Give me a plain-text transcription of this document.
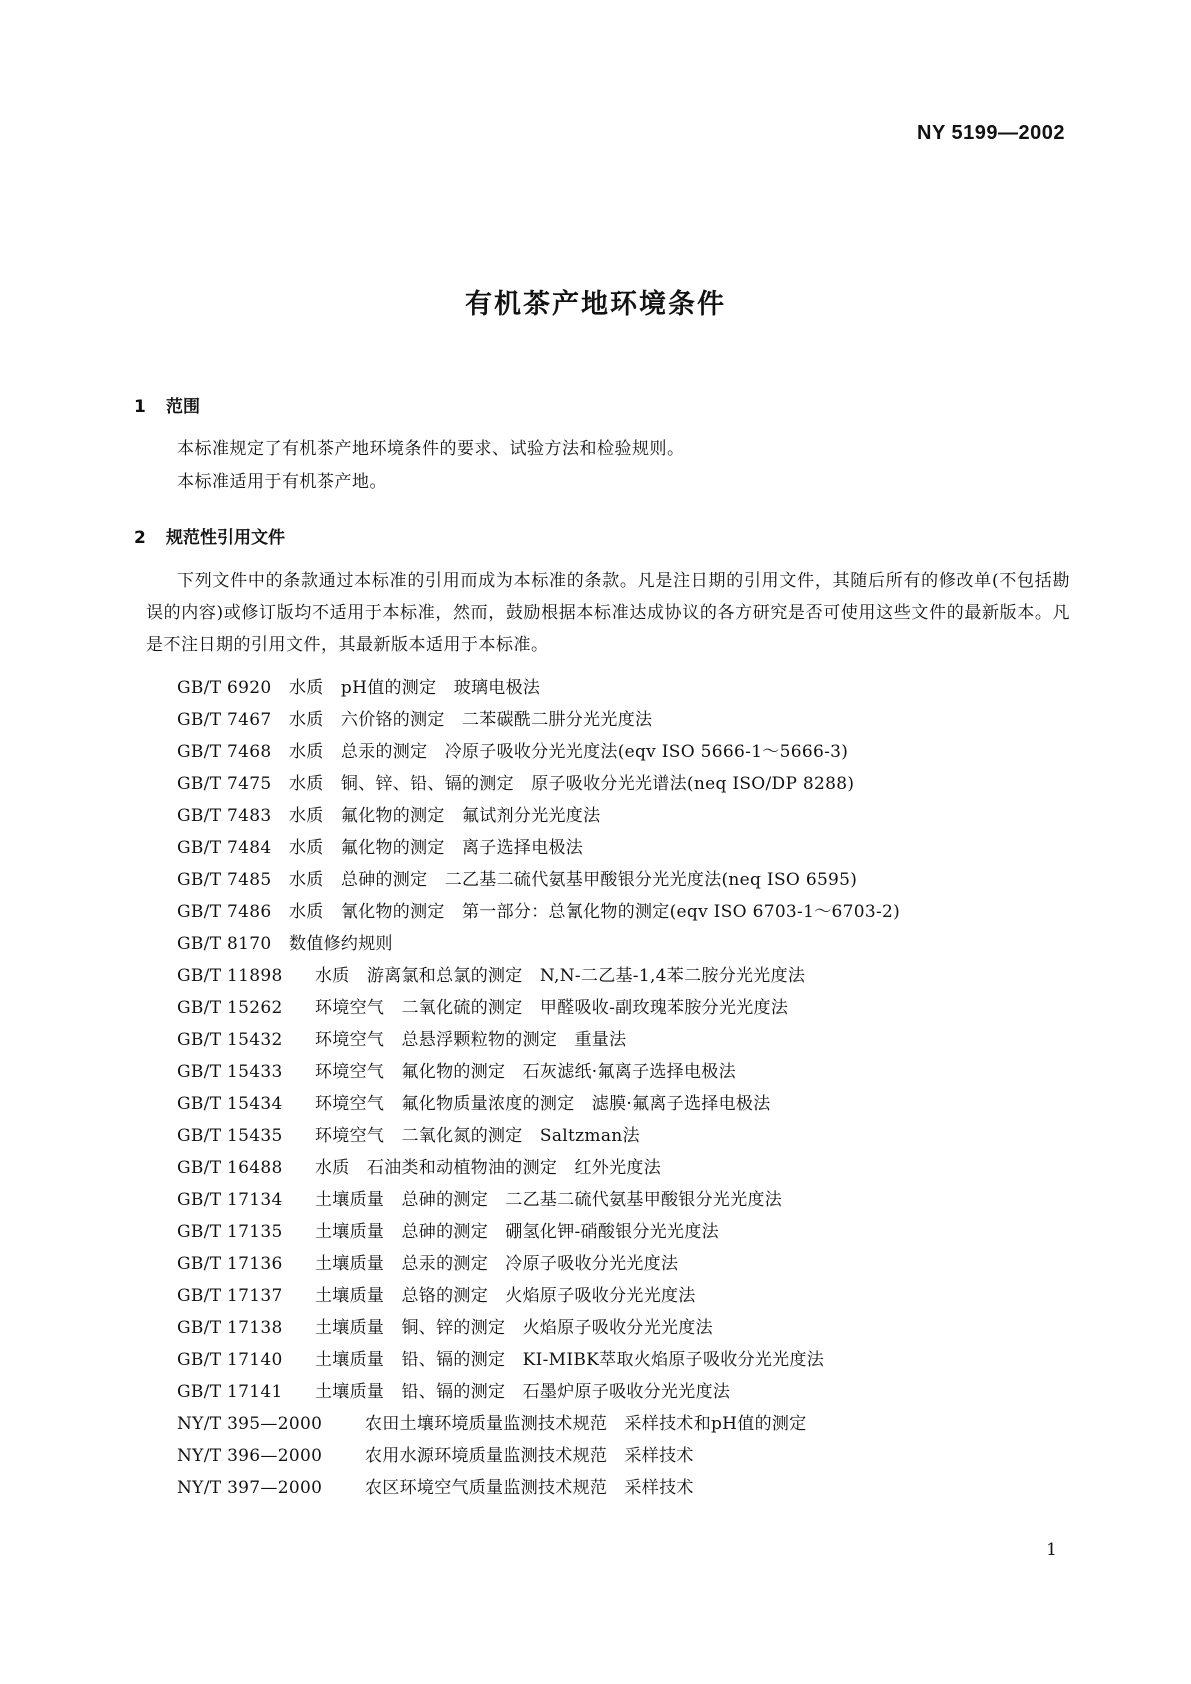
NY 5199—2002
有机茶产地环境条件
1 范围
本标准规定了有机茶产地环境条件的要求、试验方法和检验规则。
本标准适用于有机茶产地。
2 规范性引用文件
下列文件中的条款通过本标准的引用而成为本标准的条款。凡是注日期的引用文件，其随后所有的修改单(不包括勘误的内容)或修订版均不适用于本标准，然而，鼓励根据本标准达成协议的各方研究是否可使用这些文件的最新版本。凡是不注日期的引用文件，其最新版本适用于本标准。
GB/T 6920 水质　pH值的测定　玻璃电极法
GB/T 7467 水质　六价铬的测定　二苯碳酰二肼分光光度法
GB/T 7468 水质　总汞的测定　冷原子吸收分光光度法(eqv ISO 5666-1～5666-3)
GB/T 7475 水质　铜、锌、铅、镉的测定　原子吸收分光光谱法(neq ISO/DP 8288)
GB/T 7483 水质　氟化物的测定　氟试剂分光光度法
GB/T 7484 水质　氟化物的测定　离子选择电极法
GB/T 7485 水质　总砷的测定　二乙基二硫代氨基甲酸银分光光度法(neq ISO 6595)
GB/T 7486 水质　氰化物的测定　第一部分：总氰化物的测定(eqv ISO 6703-1～6703-2)
GB/T 8170 数值修约规则
GB/T 11898 水质　游离氯和总氯的测定　N,N-二乙基-1,4苯二胺分光光度法
GB/T 15262 环境空气　二氧化硫的测定　甲醛吸收-副玫瑰苯胺分光光度法
GB/T 15432 环境空气　总悬浮颗粒物的测定　重量法
GB/T 15433 环境空气　氟化物的测定　石灰滤纸·氟离子选择电极法
GB/T 15434 环境空气　氟化物质量浓度的测定　滤膜·氟离子选择电极法
GB/T 15435 环境空气　二氧化氮的测定　Saltzman法
GB/T 16488 水质　石油类和动植物油的测定　红外光度法
GB/T 17134 土壤质量　总砷的测定　二乙基二硫代氨基甲酸银分光光度法
GB/T 17135 土壤质量　总砷的测定　硼氢化钾-硝酸银分光光度法
GB/T 17136 土壤质量　总汞的测定　冷原子吸收分光光度法
GB/T 17137 土壤质量　总铬的测定　火焰原子吸收分光光度法
GB/T 17138 土壤质量　铜、锌的测定　火焰原子吸收分光光度法
GB/T 17140 土壤质量　铅、镉的测定　KI-MIBK萃取火焰原子吸收分光光度法
GB/T 17141 土壤质量　铅、镉的测定　石墨炉原子吸收分光光度法
NY/T 395—2000	农田土壤环境质量监测技术规范　采样技术和pH值的测定
NY/T 396—2000	农用水源环境质量监测技术规范　采样技术
NY/T 397—2000	农区环境空气质量监测技术规范　采样技术
1
